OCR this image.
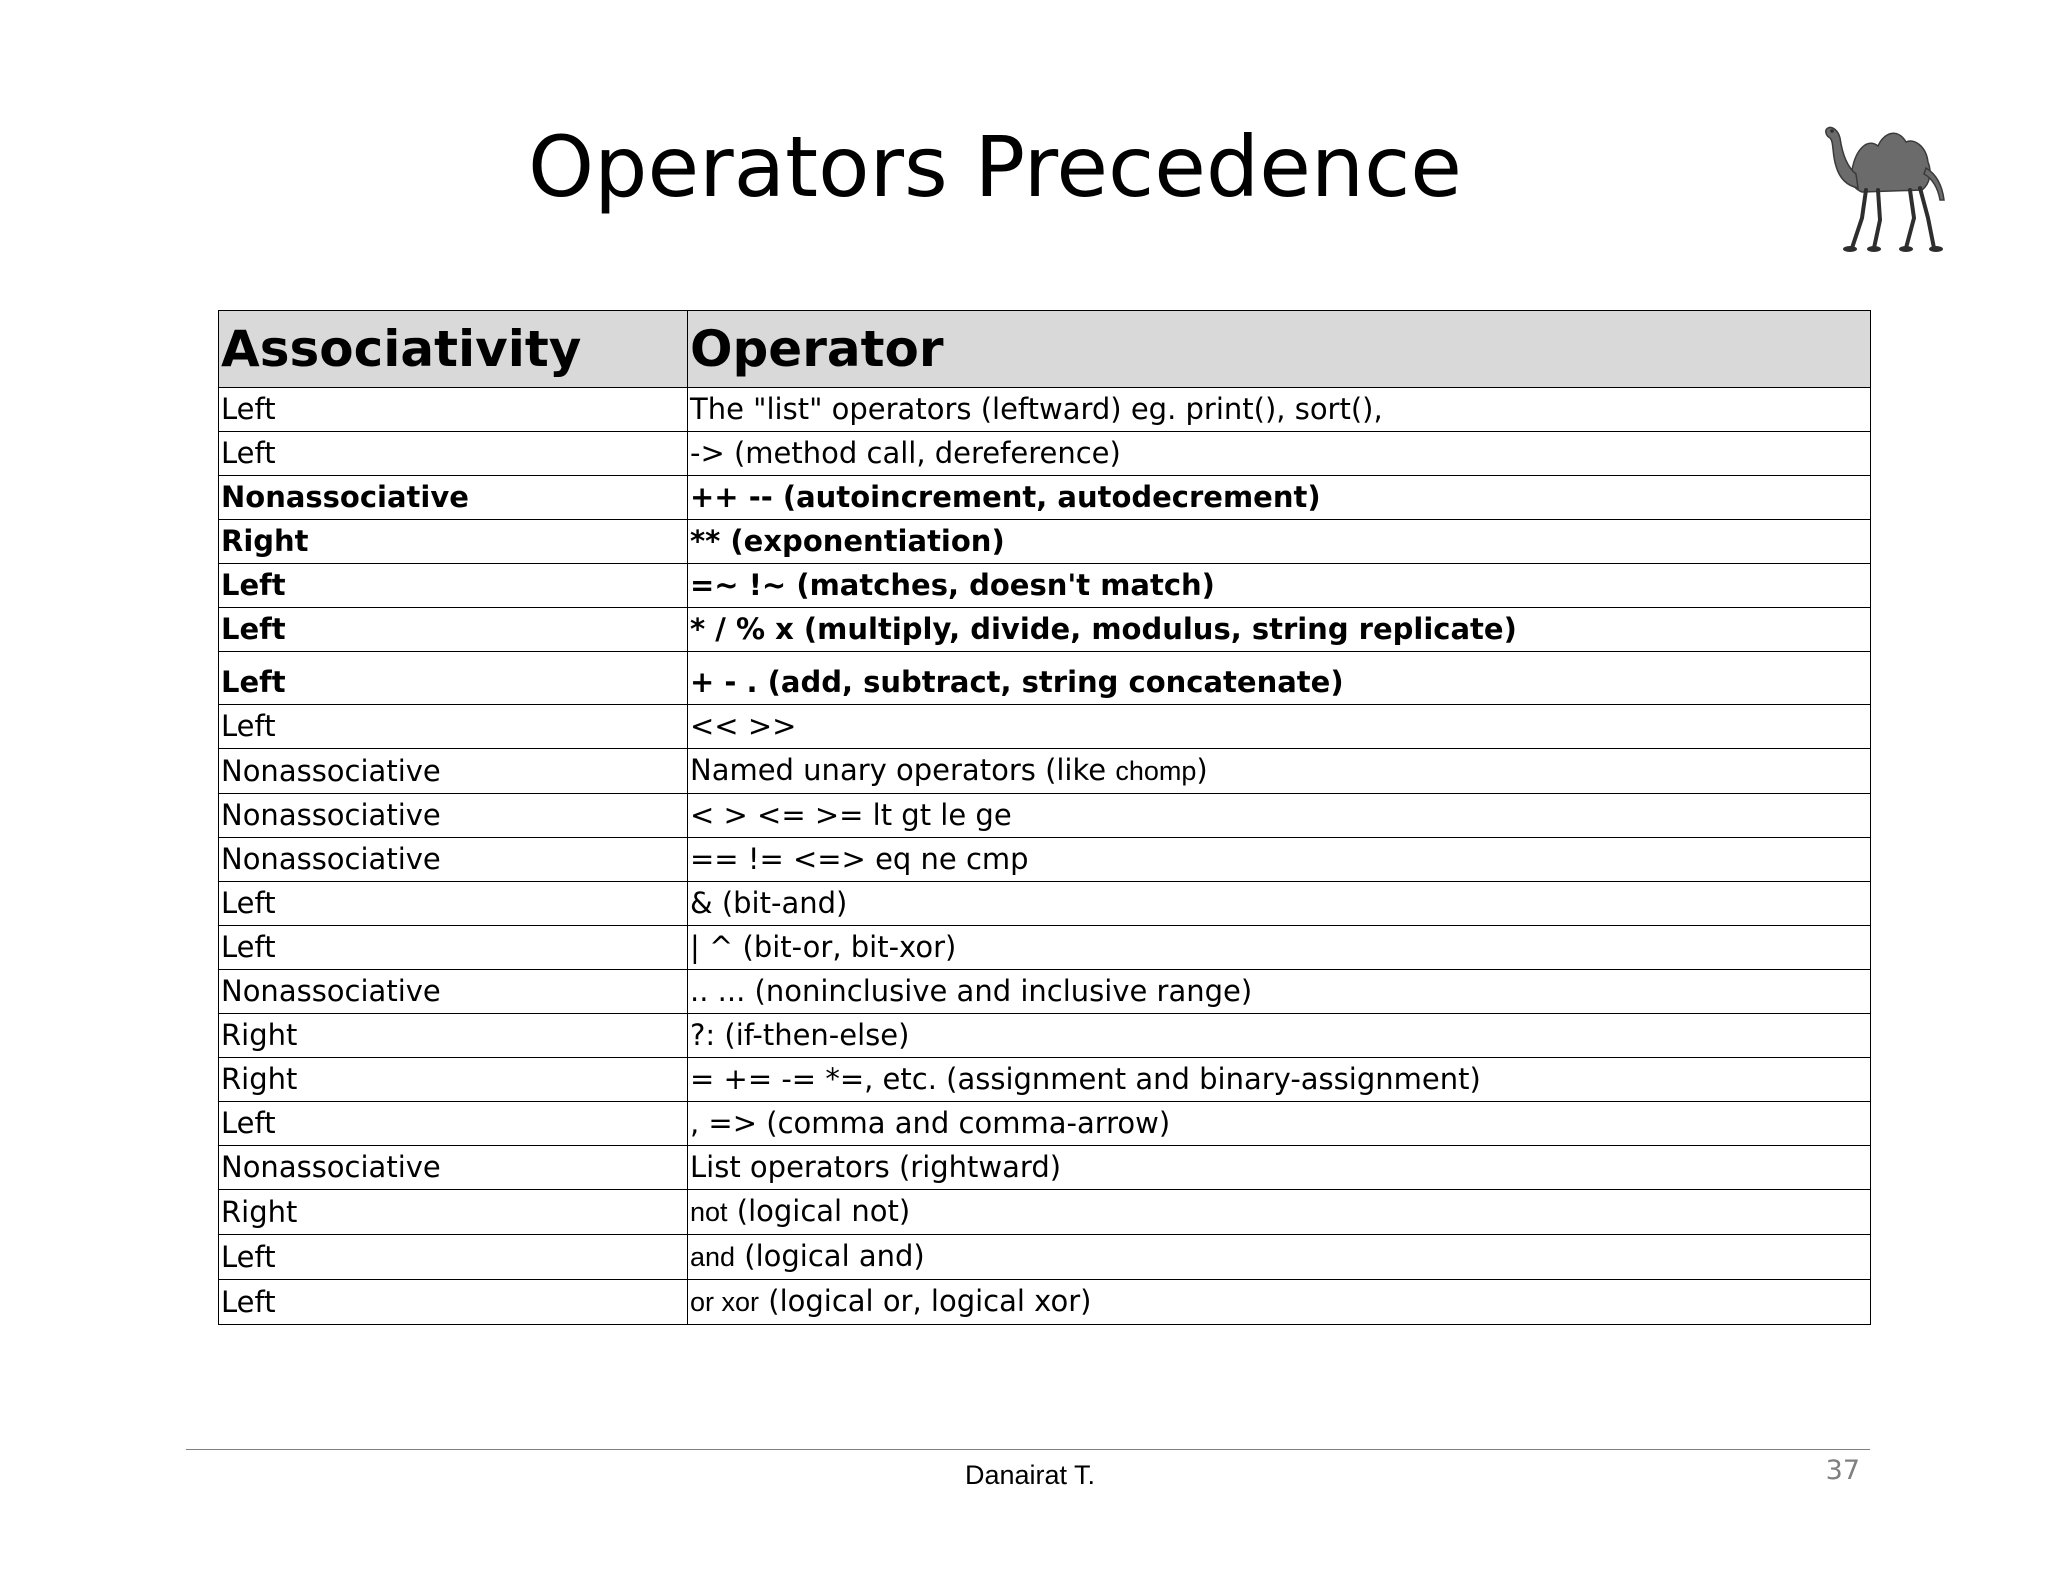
Operators Precedence
Associativity	Operator
Left	The "list" operators (leftward) eg. print(), sort(),
Left	-> (method call, dereference)
Nonassociative	++ -- (autoincrement, autodecrement)
Right	** (exponentiation)
Left	=~ !~ (matches, doesn't match)
Left	* / % x (multiply, divide, modulus, string replicate)
Left	+ - . (add, subtract, string concatenate)
Left	<< >>
Nonassociative	Named unary operators (like chomp)
Nonassociative	< > <= >= lt gt le ge
Nonassociative	== != <=> eq ne cmp
Left	& (bit-and)
Left	| ^ (bit-or, bit-xor)
Nonassociative	.. ... (noninclusive and inclusive range)
Right	?: (if-then-else)
Right	= += -= *=, etc. (assignment and binary-assignment)
Left	, => (comma and comma-arrow)
Nonassociative	List operators (rightward)
Right	not (logical not)
Left	and (logical and)
Left	or xor (logical or, logical xor)
Danairat T.	37
